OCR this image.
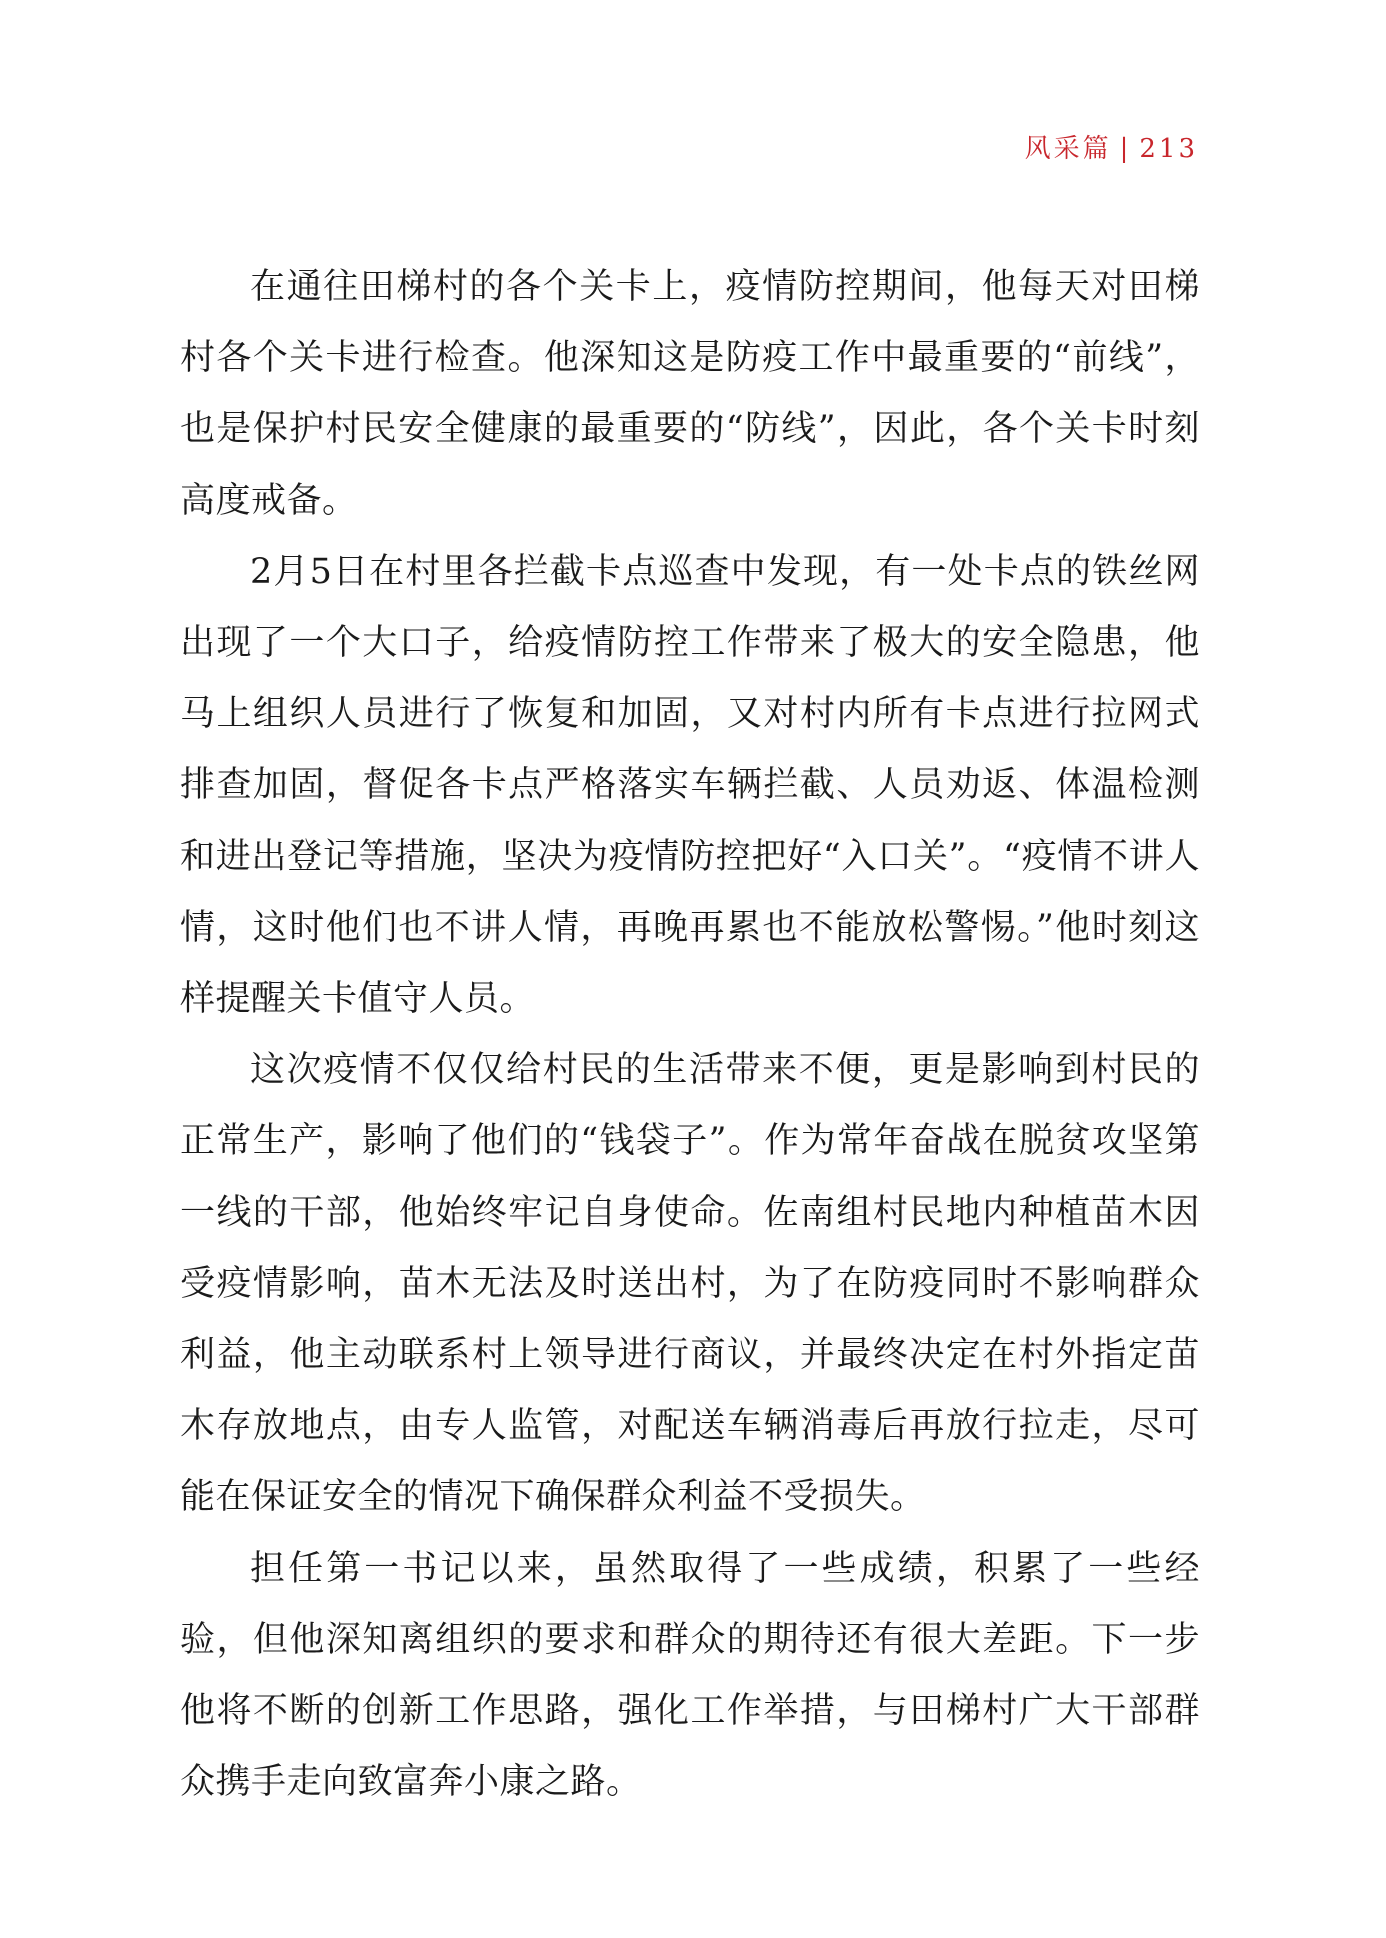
风采篇 | 213

在通往田梯村的各个关卡上，疫情防控期间，他每天对田梯村各个关卡进行检查。他深知这是防疫工作中最重要的“前线”，也是保护村民安全健康的最重要的“防线”，因此，各个关卡时刻高度戒备。

2月5日在村里各拦截卡点巡查中发现，有一处卡点的铁丝网出现了一个大口子，给疫情防控工作带来了极大的安全隐患，他马上组织人员进行了恢复和加固，又对村内所有卡点进行拉网式排查加固，督促各卡点严格落实车辆拦截、人员劝返、体温检测和进出登记等措施，坚决为疫情防控把好“入口关”。“疫情不讲人情，这时他们也不讲人情，再晚再累也不能放松警惕。”他时刻这样提醒关卡值守人员。

这次疫情不仅仅给村民的生活带来不便，更是影响到村民的正常生产，影响了他们的“钱袋子”。作为常年奋战在脱贫攻坚第一线的干部，他始终牢记自身使命。佐南组村民地内种植苗木因受疫情影响，苗木无法及时送出村，为了在防疫同时不影响群众利益，他主动联系村上领导进行商议，并最终决定在村外指定苗木存放地点，由专人监管，对配送车辆消毒后再放行拉走，尽可能在保证安全的情况下确保群众利益不受损失。

担任第一书记以来，虽然取得了一些成绩，积累了一些经验，但他深知离组织的要求和群众的期待还有很大差距。下一步他将不断的创新工作思路，强化工作举措，与田梯村广大干部群众携手走向致富奔小康之路。
